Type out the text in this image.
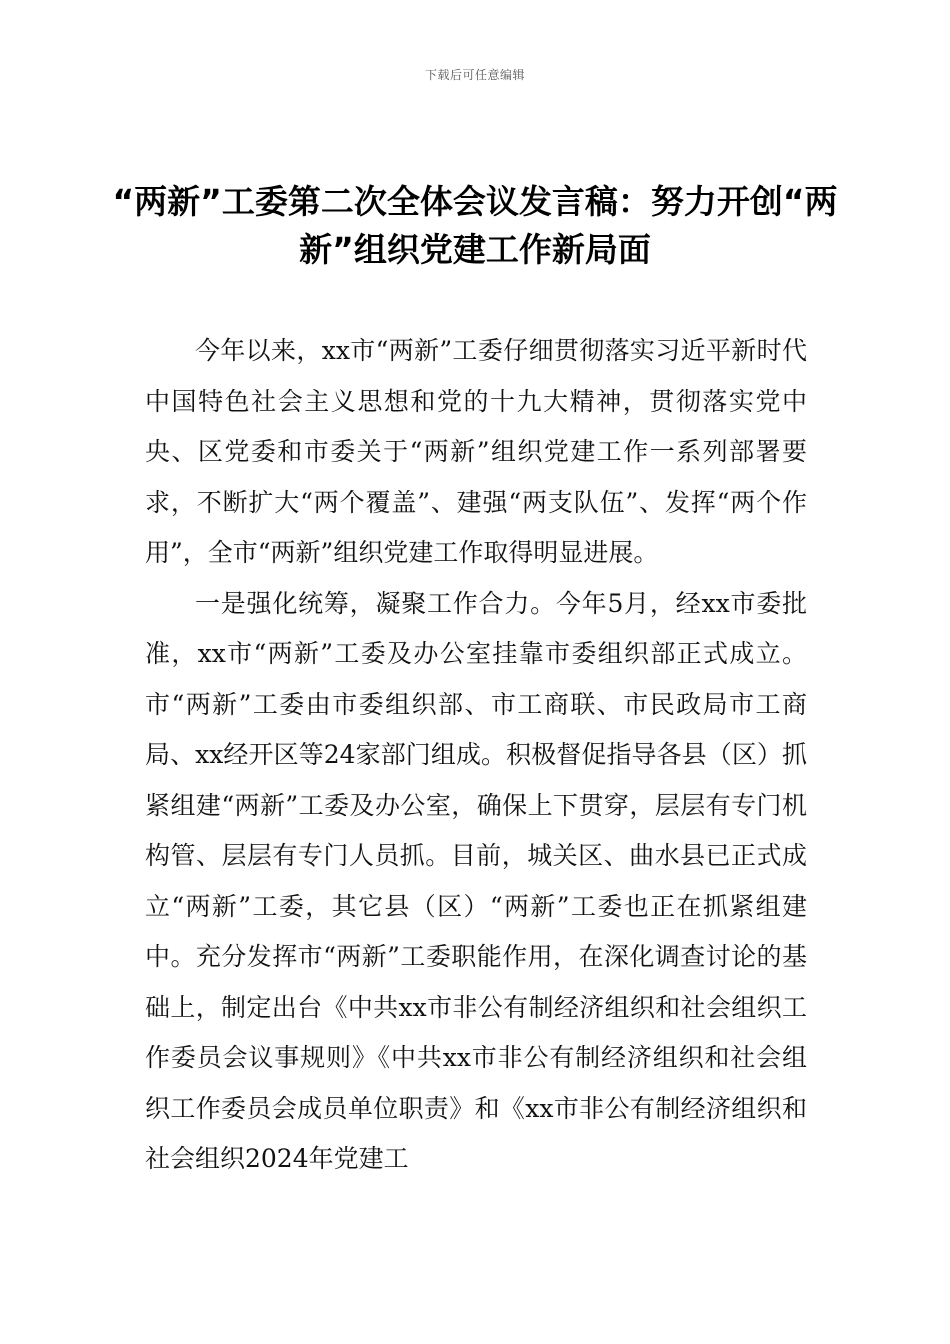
下载后可任意编辑
“两新”工委第二次全体会议发言稿：努力开创“两新”组织党建工作新局面

今年以来，xx市“两新”工委仔细贯彻落实习近平新时代中国特色社会主义思想和党的十九大精神，贯彻落实党中央、区党委和市委关于“两新”组织党建工作一系列部署要求，不断扩大“两个覆盖”、建强“两支队伍”、发挥“两个作用”，全市“两新”组织党建工作取得明显进展。

一是强化统筹，凝聚工作合力。今年5月，经xx市委批准，xx市“两新”工委及办公室挂靠市委组织部正式成立。市“两新”工委由市委组织部、市工商联、市民政局市工商局、xx经开区等24家部门组成。积极督促指导各县（区）抓紧组建“两新”工委及办公室，确保上下贯穿，层层有专门机构管、层层有专门人员抓。目前，城关区、曲水县已正式成立“两新”工委，其它县（区）“两新”工委也正在抓紧组建中。充分发挥市“两新”工委职能作用，在深化调查讨论的基础上，制定出台《中共xx市非公有制经济组织和社会组织工作委员会议事规则》《中共xx市非公有制经济组织和社会组织工作委员会成员单位职责》和《xx市非公有制经济组织和社会组织2024年党建工
